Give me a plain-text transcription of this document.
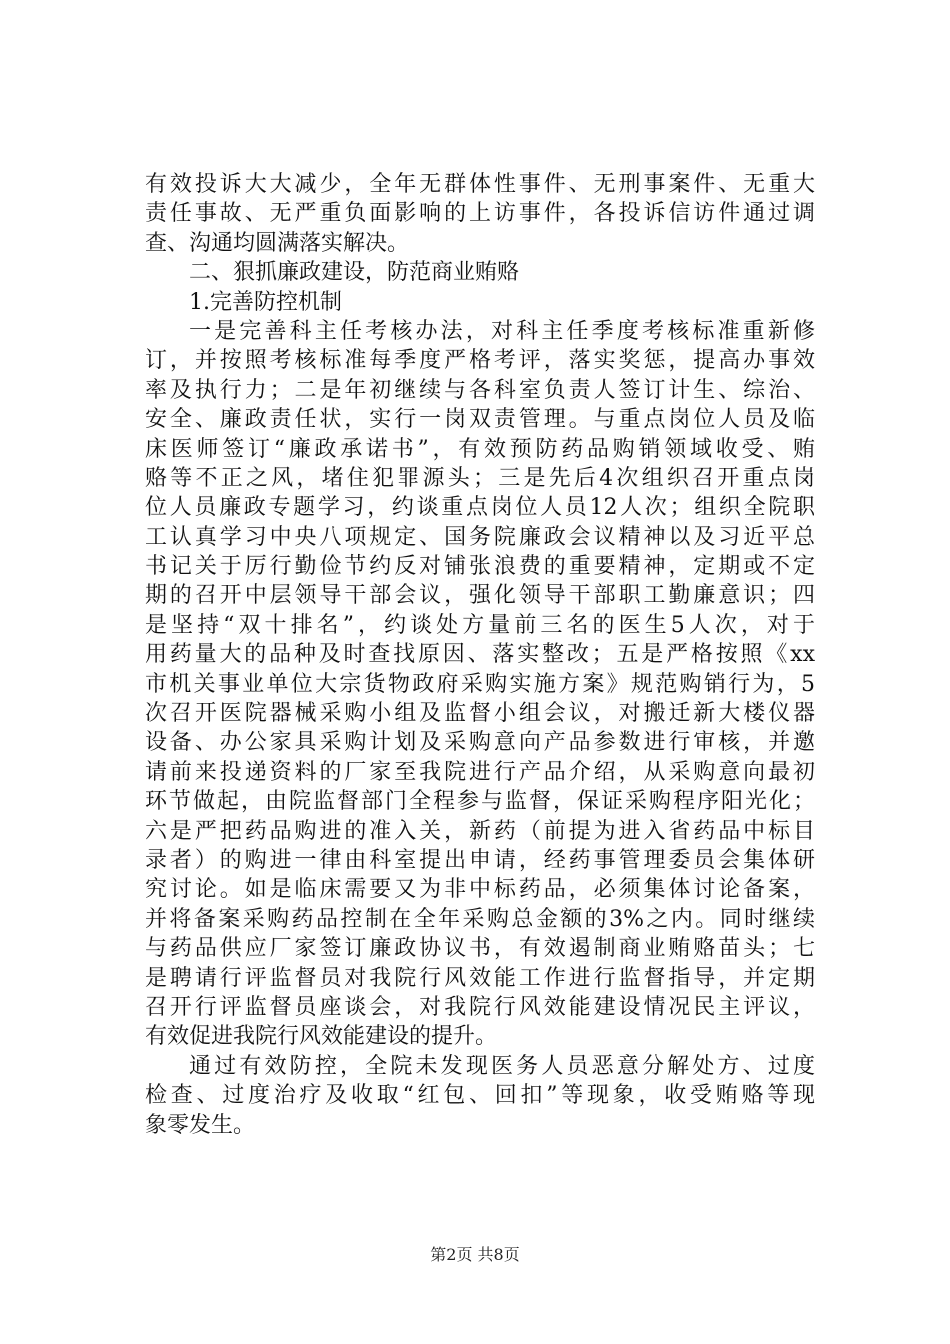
有效投诉大大减少，全年无群体性事件、无刑事案件、无重大
责任事故、无严重负面影响的上访事件，各投诉信访件通过调
查、沟通均圆满落实解决。
二、狠抓廉政建设，防范商业贿赂
1.完善防控机制
一是完善科主任考核办法，对科主任季度考核标准重新修
订，并按照考核标准每季度严格考评，落实奖惩，提高办事效
率及执行力；二是年初继续与各科室负责人签订计生、综治、
安全、廉政责任状，实行一岗双责管理。与重点岗位人员及临
床医师签订“廉政承诺书”，有效预防药品购销领域收受、贿
赂等不正之风，堵住犯罪源头；三是先后4次组织召开重点岗
位人员廉政专题学习，约谈重点岗位人员12人次；组织全院职
工认真学习中央八项规定、国务院廉政会议精神以及习近平总
书记关于厉行勤俭节约反对铺张浪费的重要精神，定期或不定
期的召开中层领导干部会议，强化领导干部职工勤廉意识；四
是坚持“双十排名”，约谈处方量前三名的医生5人次，对于
用药量大的品种及时查找原因、落实整改；五是严格按照《xx
市机关事业单位大宗货物政府采购实施方案》规范购销行为，5
次召开医院器械采购小组及监督小组会议，对搬迁新大楼仪器
设备、办公家具采购计划及采购意向产品参数进行审核，并邀
请前来投递资料的厂家至我院进行产品介绍，从采购意向最初
环节做起，由院监督部门全程参与监督，保证采购程序阳光化；
六是严把药品购进的准入关，新药（前提为进入省药品中标目
录者）的购进一律由科室提出申请，经药事管理委员会集体研
究讨论。如是临床需要又为非中标药品，必须集体讨论备案，
并将备案采购药品控制在全年采购总金额的3%之内。同时继续
与药品供应厂家签订廉政协议书，有效遏制商业贿赂苗头；七
是聘请行评监督员对我院行风效能工作进行监督指导，并定期
召开行评监督员座谈会，对我院行风效能建设情况民主评议，
有效促进我院行风效能建设的提升。
通过有效防控，全院未发现医务人员恶意分解处方、过度
检查、过度治疗及收取“红包、回扣”等现象，收受贿赂等现
象零发生。
第2页 共8页
